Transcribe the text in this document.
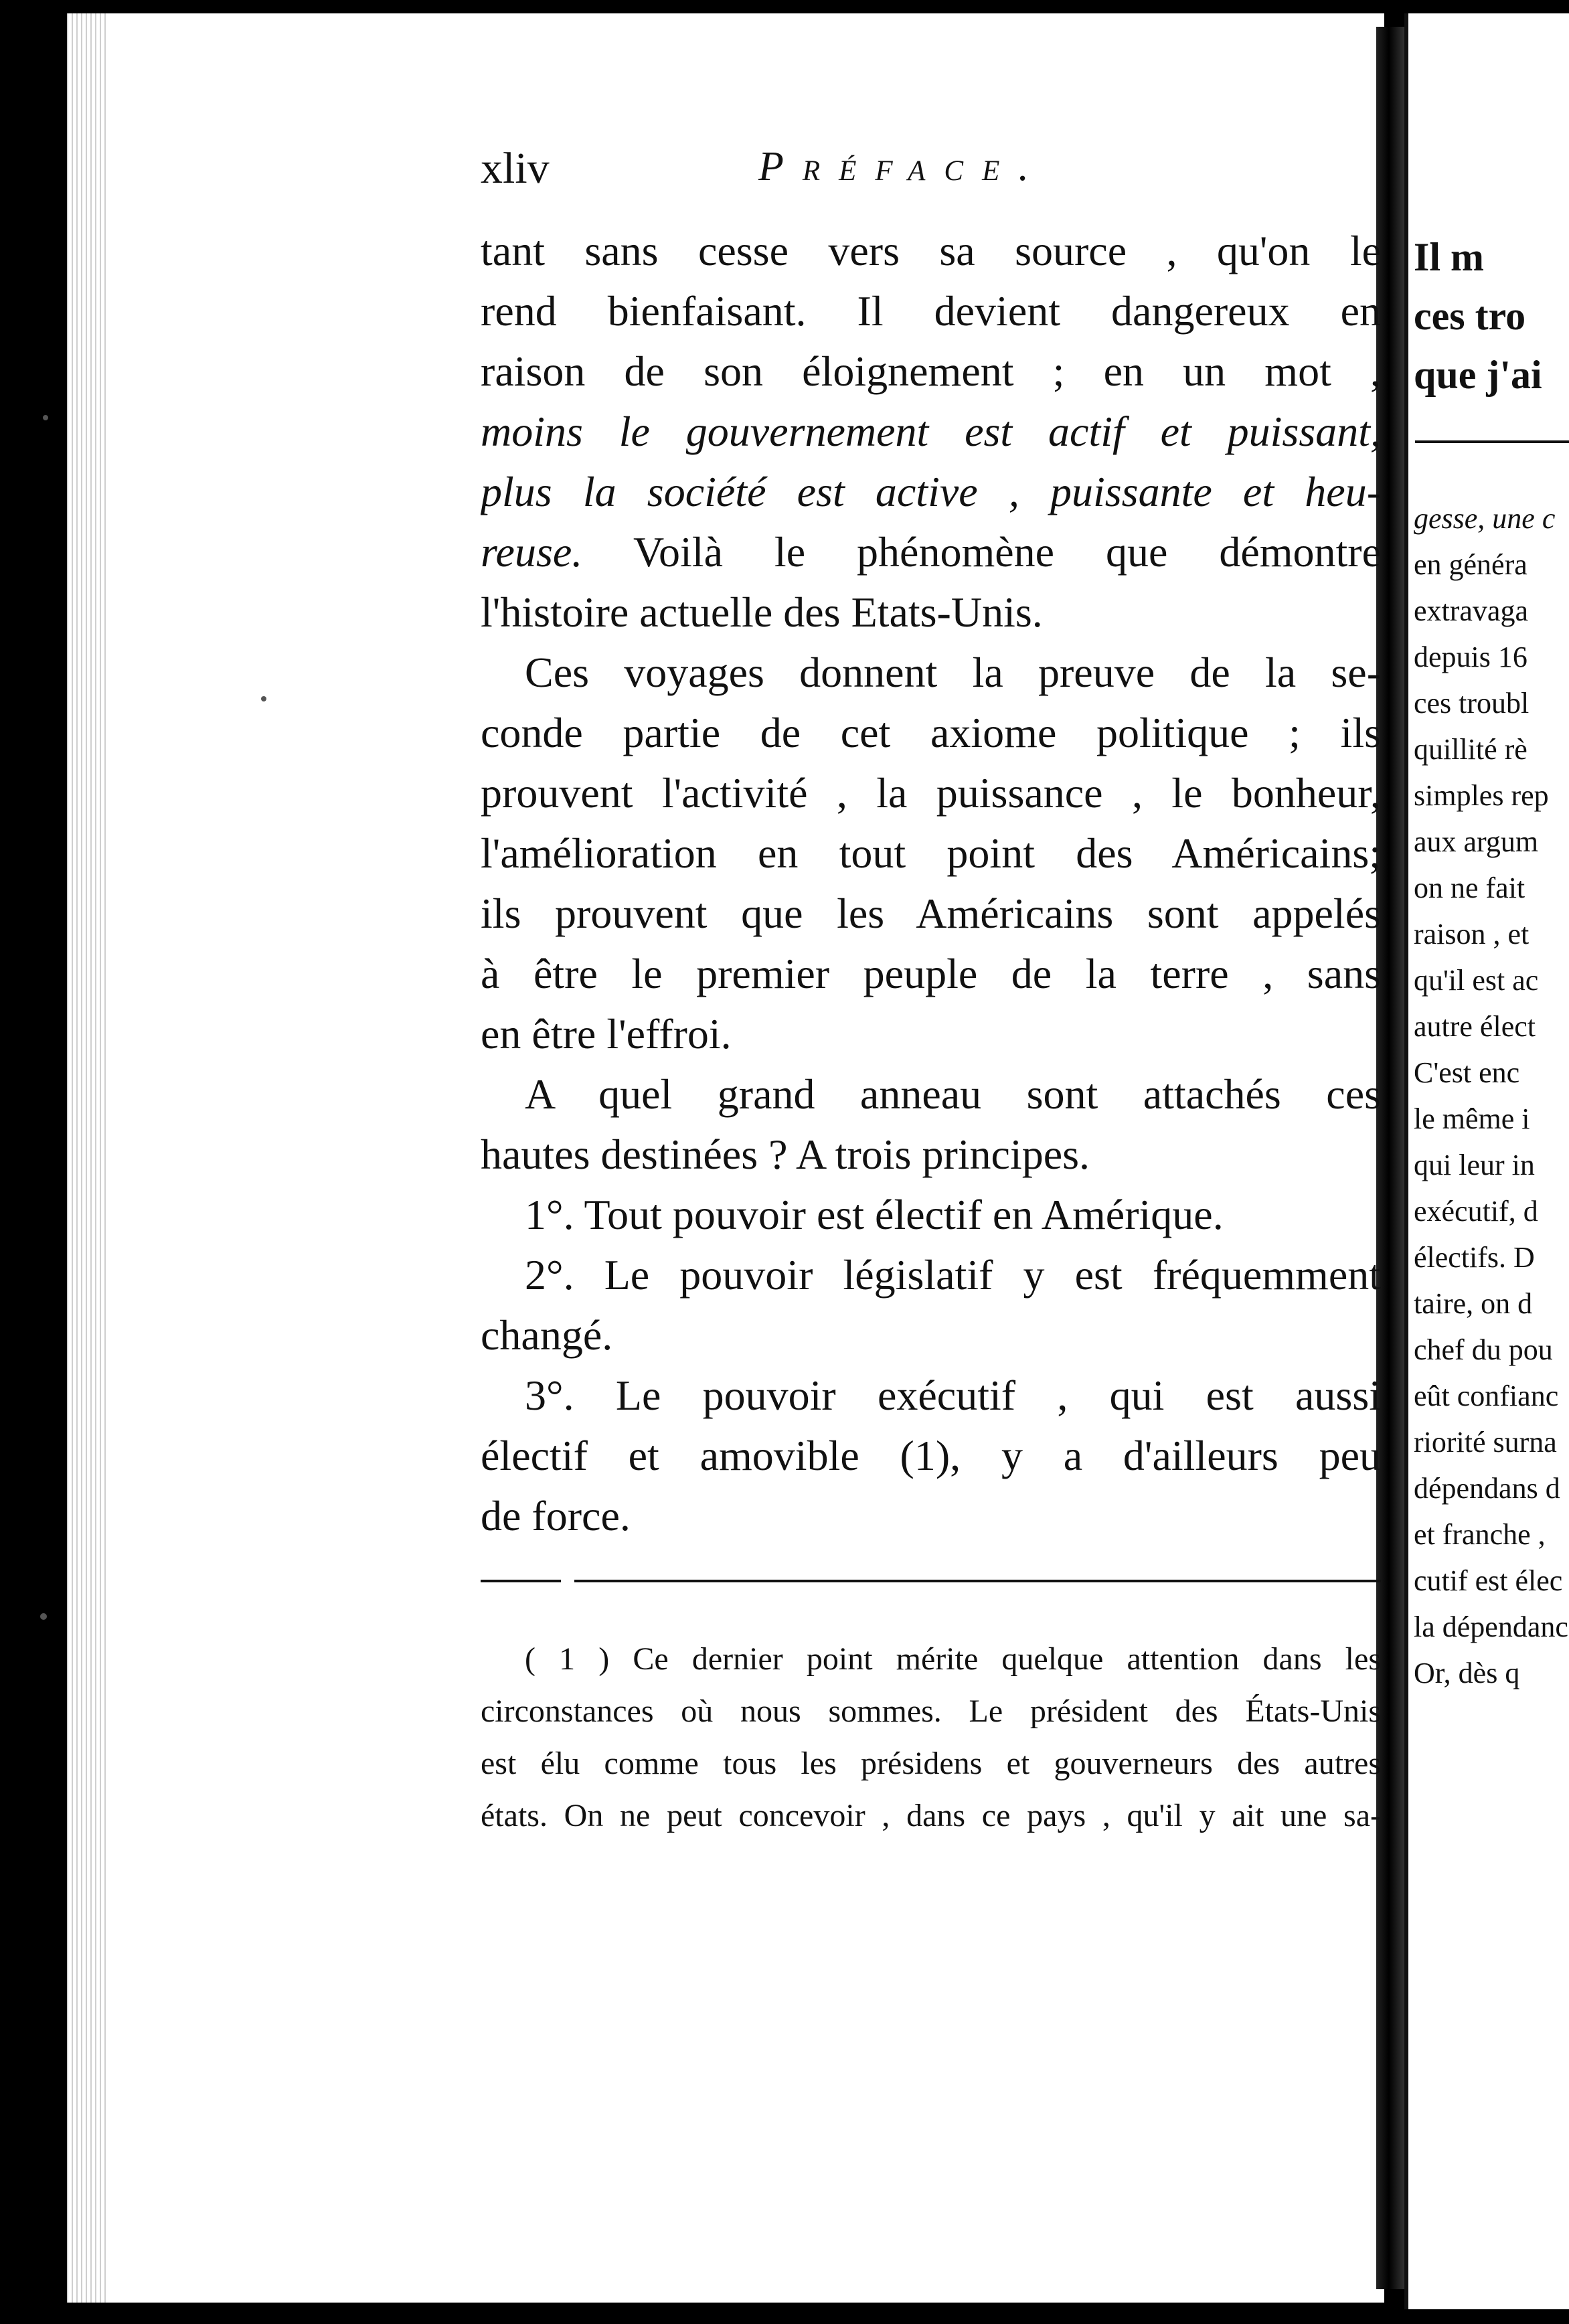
xliv	Préface.
tant sans cesse vers sa source , qu'on le
rend bienfaisant. Il devient dangereux en
raison de son éloignement ; en un mot ,
moins le gouvernement est actif et puissant,
plus la société est active , puissante et heu-
reuse. Voilà le phénomène que démontre
l'histoire actuelle des Etats-Unis.
Ces voyages donnent la preuve de la se-
conde partie de cet axiome politique ; ils
prouvent l'activité , la puissance , le bonheur,
l'amélioration en tout point des Américains;
ils prouvent que les Américains sont appelés
à être le premier peuple de la terre , sans
en être l'effroi.
A quel grand anneau sont attachés ces
hautes destinées ? A trois principes.
1°. Tout pouvoir est électif en Amérique.
2°. Le pouvoir législatif y est fréquemment
changé.
3°. Le pouvoir exécutif , qui est aussi
électif et amovible (1), y a d'ailleurs peu
de force.
( 1 ) Ce dernier point mérite quelque attention dans les
circonstances où nous sommes. Le président des États-Unis
est élu comme tous les présidens et gouverneurs des autres
états. On ne peut concevoir , dans ce pays , qu'il y ait une sa-
Il m
ces tro
que j'ai
gesse, une c
en généra
extravaga
depuis 16
ces troubl
quillité rè
simples rep
aux argum
on ne fait
raison , et
qu'il est ac
autre élect
C'est enc
le même i
qui leur in
exécutif, d
électifs. D
taire, on d
chef du pou
eût confianc
riorité surna
dépendans d
et franche ,
cutif est élec
la dépendanc
Or, dès q
